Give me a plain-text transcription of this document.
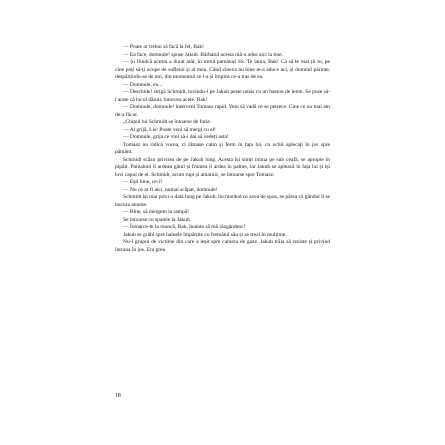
— Poate ar trebui să facă la fel, Bak!

— Ea face, domnule! spuse Jakub. Bărbatul acesta mă-a adus aici la tine.

— Și fiindcă acesta a durat atât, în urmă pamânul SS. Te iama, Bak! Ca să te mai ții tu, pe cine poți să-ți ocupe de sufletul și al meu. Când cineva nu bine te-a aduce aci, și domnul părinte, despărțindu-se de noi, din momentul ce l-a și împins ce-a tras de ea.

— Domnule, eu...

— Deschide! strigă Schmidt, lovindu-l pe Jakub peste umăr cu un baston de lemn. Se puse să-i arate că locul dăruit, întorcea acele. Bak!

— Domnule, domnule! interveni Tomasz rapid. Veni să vadă ce se petrece. Cine ce nu mai am de-a făcut.

„Chipul lui Schmidt se întoarse de furie.

— Ai grijă, Lis! Poate veni să mergi cu el!

— Domnule, grija ce vrei să-i dai să vedeți asta!

Tomasz nu ridică vocea, ci rămase calm și ferm în fața lui, cu ochii aplecați în jos spre pământ.

Schmidt scăzu privirea de pe Jakub lung. Acesta își simți inima pe sub ceafă, se apropie în pipăit. Pantaloni îi ardeau gâtul și fruntea îi ardea în palme, iar Jakub se apleacă în fața lui și își lovi capul de el. Schmidt, acum rupt și amarnic, se întoarse spre Tomasz:

— Ești bine, ce-i?

— Nu ce ar fi aici, numai scăpat, domnule!

Schmidt își mai privi o dată lung pe Jakub, încruntând ce avea de spus, se părea că gândul îi se bucura anume.

— Bine, să mergem la rampă!

Se întoarse cu spatele la Jakub.

— Întoarce-te la muncă, Bak, înainte să mă răzgândesc!

Jakub se grăbi spre hainele împărțite cu fremătul său și se trezi în mulțime.

Nu-l grupul de victime din care a ieșit spre camera de gaze. Jakub trăia să reziste și privind întruna în jos. Era greu.

18
